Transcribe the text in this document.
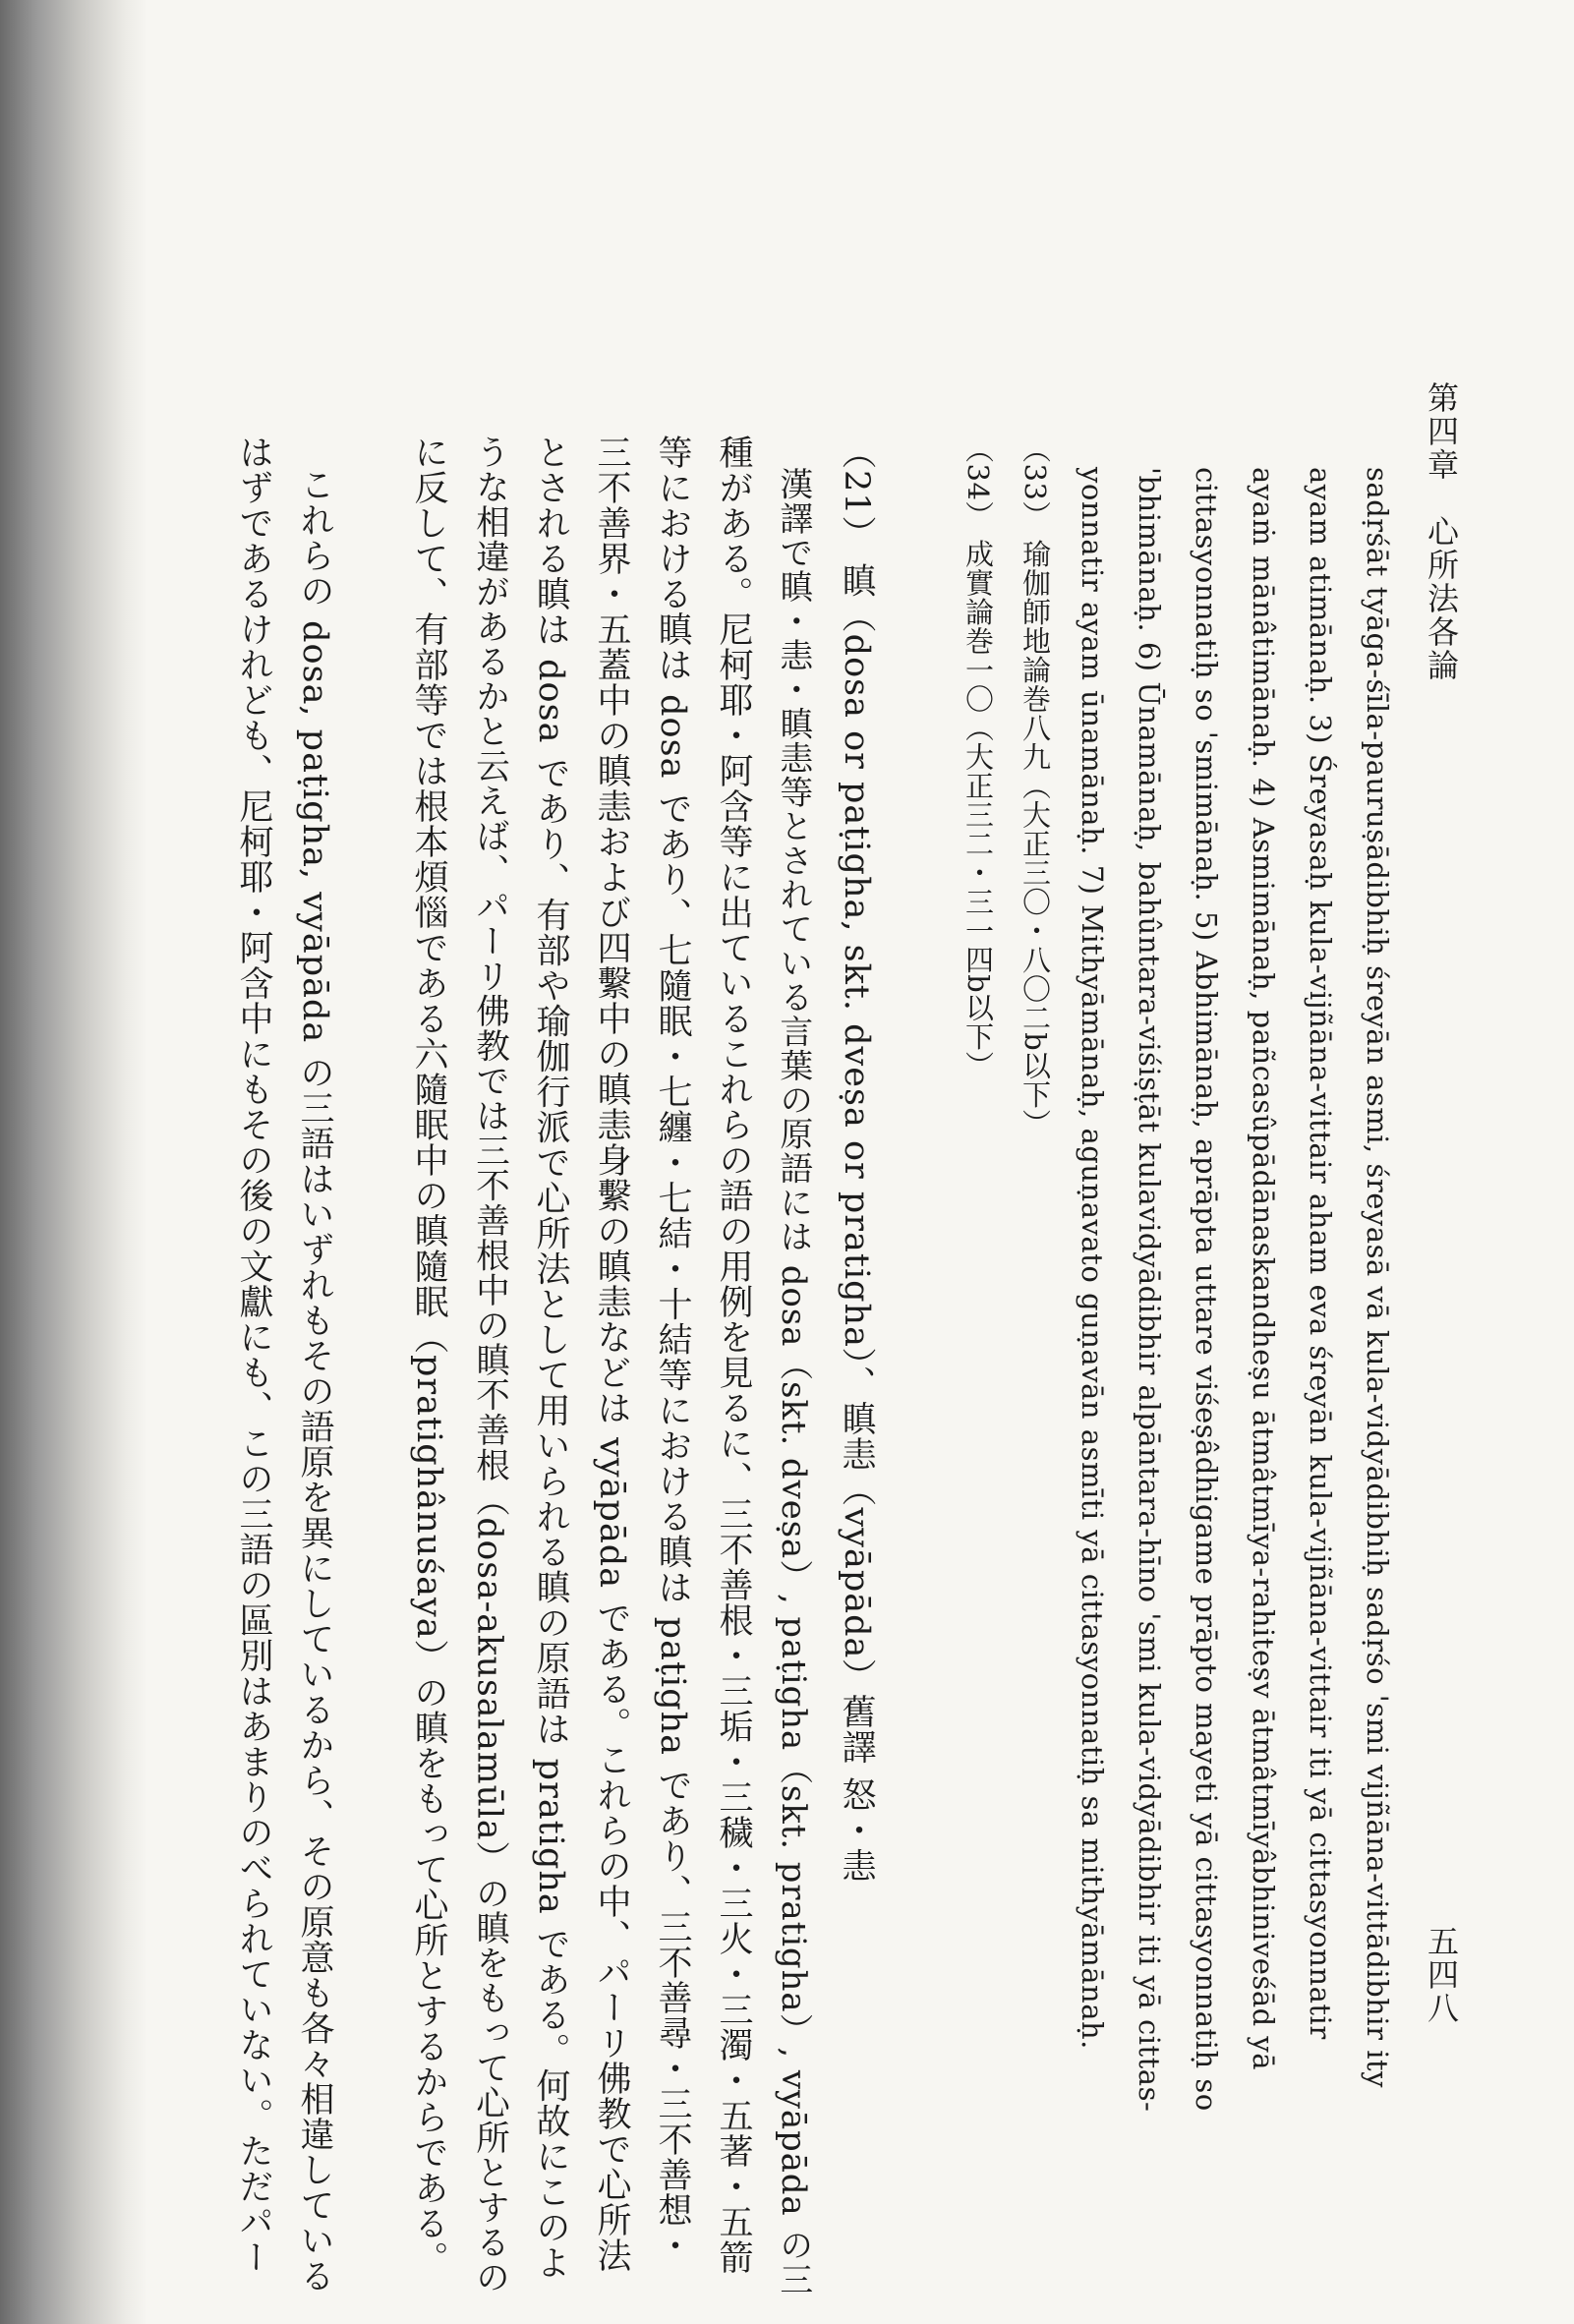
第四章　心所法各論
五四八
sadṛśāt tyāga-śīla-pauruṣādibhiḥ śreyān asmi, śreyasā vā kula-vidyādibhiḥ sadṛśo 'smi vijñāna-vittādibhir ity
ayam atimānaḥ. 3) Śreyasaḥ kula-vijñāna-vittair aham eva śreyān kula-vijñāna-vittair iti yā cittasyonnatir
ayaṁ mānâtimānaḥ. 4) Asmimānaḥ, pañcasûpādānaskandheṣu ātmâtmīya-rahiteṣv ātmâtmīyâbhiniveśād yā
cittasyonnatiḥ so 'smimānaḥ. 5) Abhimānaḥ, aprāpta uttare viśeṣâdhigame prāpto mayeti yā cittasyonnatiḥ so
'bhimānaḥ. 6) Ūnamānaḥ, bahûntara-viśiṣṭāt kulavidyādibhir alpāntara-hīno 'smi kula-vidyādibhir iti yā cittas-
yonnatir ayam ūnamānaḥ. 7) Mithyāmānaḥ, aguṇavato guṇavān asmīti yā cittasyonnatiḥ sa mithyāmānaḥ.
（33） 瑜伽師地論巻八九（大正三〇・八〇二b以下）
（34） 成實論巻一〇（大正三二・三一四b以下）
（21） 瞋（dosa or paṭigha, skt. dveṣa or pratigha）、瞋恚（vyāpāda）舊譯 怒・恚
漢譯で瞋・恚・瞋恚等とされている言葉の原語には dosa（skt. dveṣa）, paṭigha（skt. pratigha）, vyāpāda の三
種がある。尼柯耶・阿含等に出ているこれらの語の用例を見るに、三不善根・三垢・三穢・三火・三濁・五著・五箭
等における瞋は dosa であり、七隨眠・七纏・七結・十結等における瞋は paṭigha であり、三不善尋・三不善想・
三不善界・五蓋中の瞋恚および四繫中の瞋恚身繫の瞋恚などは vyāpāda である。これらの中、パーリ佛教で心所法
とされる瞋は dosa であり、有部や瑜伽行派で心所法として用いられる瞋の原語は pratigha である。何故にこのよ
うな相違があるかと云えば、パーリ佛教では三不善根中の瞋不善根（dosa-akusalamūla）の瞋をもって心所とするの
に反して、有部等では根本煩惱である六隨眠中の瞋隨眠（pratighânuśaya）の瞋をもって心所とするからである。
これらの dosa, paṭigha, vyāpāda の三語はいずれもその語原を異にしているから、その原意も各々相違している
はずであるけれども、尼柯耶・阿含中にもその後の文獻にも、この三語の區別はあまりのべられていない。ただパー
